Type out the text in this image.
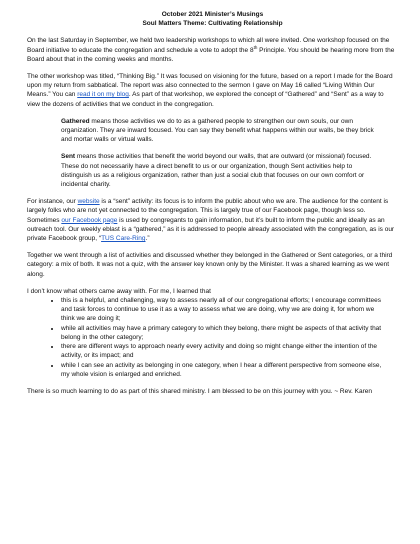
October 2021 Minister’s Musings
Soul Matters Theme: Cultivating Relationship

On the last Saturday in September, we held two leadership workshops to which all were invited. One workshop focused on the Board initiative to educate the congregation and schedule a vote to adopt the 8th Principle. You should be hearing more from the Board about that in the coming weeks and months.

The other workshop was titled, “Thinking Big.” It was focused on visioning for the future, based on a report I made for the Board upon my return from sabbatical. The report was also connected to the sermon I gave on May 16 called “Living Within Our Means.” You can read it on my blog. As part of that workshop, we explored the concept of “Gathered” and “Sent” as a way to view the dozens of activities that we conduct in the congregation.

Gathered means those activities we do to as a gathered people to strengthen our own souls, our own organization. They are inward focused. You can say they benefit what happens within our walls, be they brick and mortar walls or virtual walls.

Sent means those activities that benefit the world beyond our walls, that are outward (or missional) focused. These do not necessarily have a direct benefit to us or our organization, though Sent activities help to distinguish us as a religious organization, rather than just a social club that focuses on our own comfort or incidental charity.

For instance, our website is a “sent” activity: its focus is to inform the public about who we are. The audience for the content is largely folks who are not yet connected to the congregation. This is largely true of our Facebook page, though less so. Sometimes our Facebook page is used by congregants to gain information, but it’s built to inform the public and ideally as an outreach tool. Our weekly eblast is a “gathered,” as it is addressed to people already associated with the congregation, as is our private Facebook group, “TUS Care-Ring.”

Together we went through a list of activities and discussed whether they belonged in the Gathered or Sent categories, or a third category: a mix of both. It was not a quiz, with the answer key known only by the Minister. It was a shared learning as we went along.

I don’t know what others came away with. For me, I learned that

• this is a helpful, and challenging, way to assess nearly all of our congregational efforts; I encourage committees and task forces to continue to use it as a way to assess what we are doing, why we are doing it, for whom we think we are doing it;
• while all activities may have a primary category to which they belong, there might be aspects of that activity that belong in the other category;
• there are different ways to approach nearly every activity and doing so might change either the intention of the activity, or its impact; and
• while I can see an activity as belonging in one category, when I hear a different perspective from someone else, my whole vision is enlarged and enriched.

There is so much learning to do as part of this shared ministry. I am blessed to be on this journey with you. ~ Rev. Karen
